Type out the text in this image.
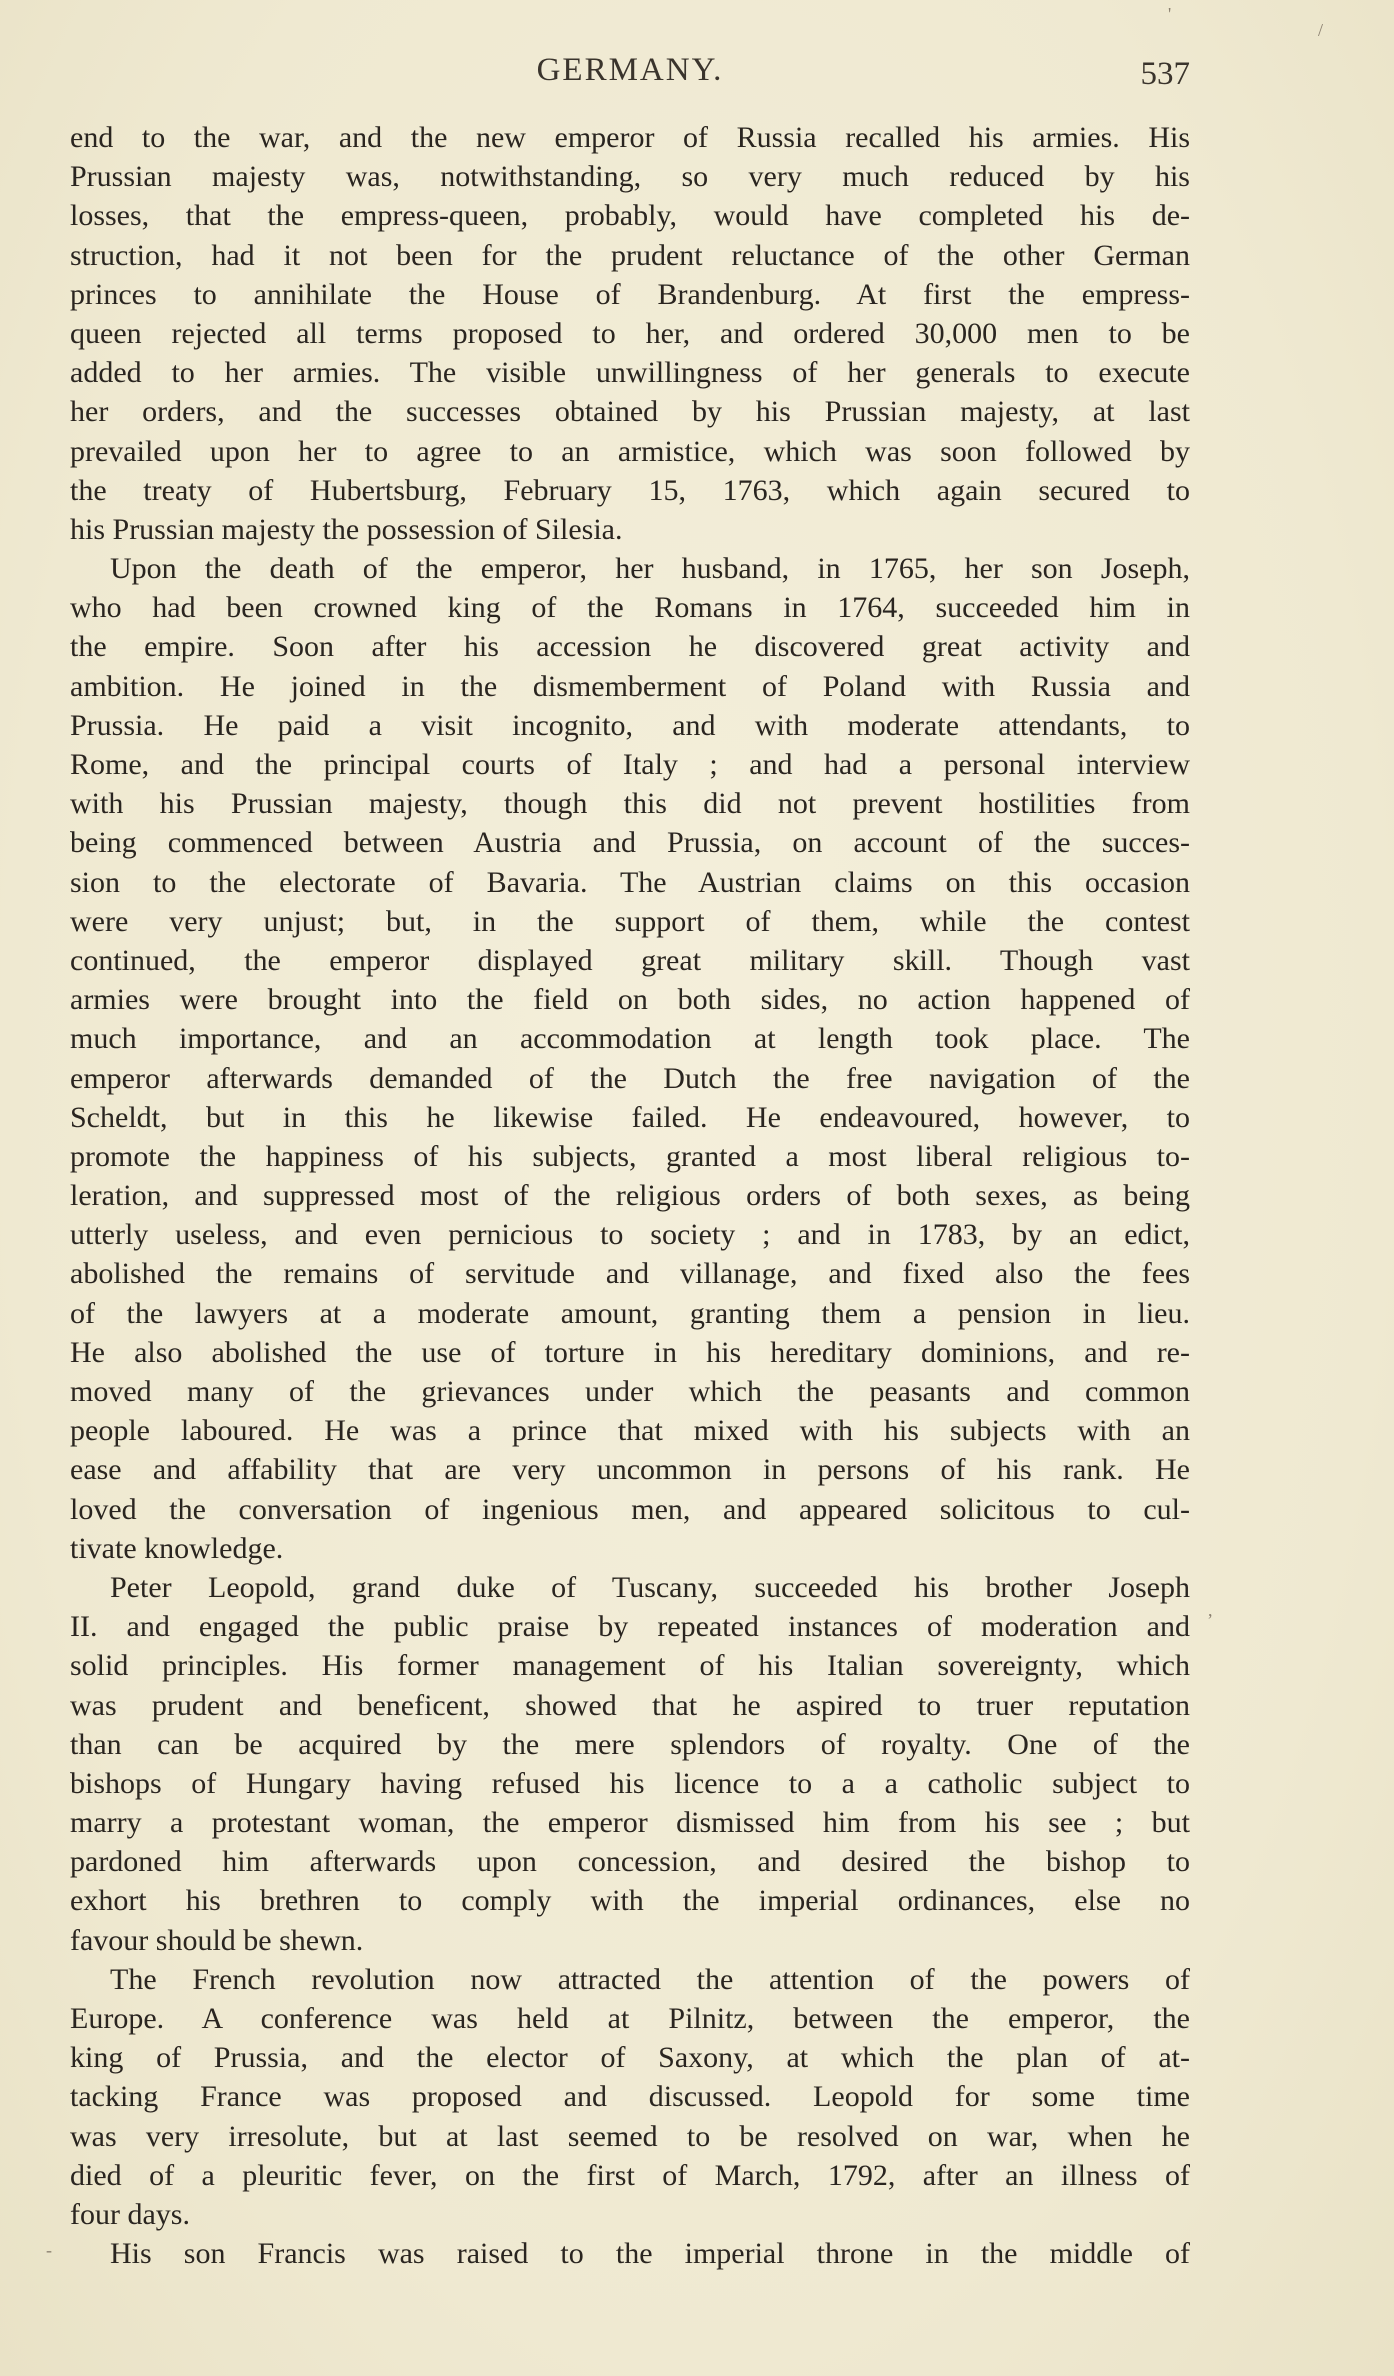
GERMANY.	537
end to the war, and the new emperor of Russia recalled his armies. His
Prussian majesty was, notwithstanding, so very much reduced by his
losses, that the empress-queen, probably, would have completed his de-
struction, had it not been for the prudent reluctance of the other German
princes to annihilate the House of Brandenburg. At first the empress-
queen rejected all terms proposed to her, and ordered 30,000 men to be
added to her armies. The visible unwillingness of her generals to execute
her orders, and the successes obtained by his Prussian majesty, at last
prevailed upon her to agree to an armistice, which was soon followed by
the treaty of Hubertsburg, February 15, 1763, which again secured to
his Prussian majesty the possession of Silesia.
Upon the death of the emperor, her husband, in 1765, her son Joseph,
who had been crowned king of the Romans in 1764, succeeded him in
the empire. Soon after his accession he discovered great activity and
ambition. He joined in the dismemberment of Poland with Russia and
Prussia. He paid a visit incognito, and with moderate attendants, to
Rome, and the principal courts of Italy ; and had a personal interview
with his Prussian majesty, though this did not prevent hostilities from
being commenced between Austria and Prussia, on account of the succes-
sion to the electorate of Bavaria. The Austrian claims on this occasion
were very unjust; but, in the support of them, while the contest
continued, the emperor displayed great military skill. Though vast
armies were brought into the field on both sides, no action happened of
much importance, and an accommodation at length took place. The
emperor afterwards demanded of the Dutch the free navigation of the
Scheldt, but in this he likewise failed. He endeavoured, however, to
promote the happiness of his subjects, granted a most liberal religious to-
leration, and suppressed most of the religious orders of both sexes, as being
utterly useless, and even pernicious to society ; and in 1783, by an edict,
abolished the remains of servitude and villanage, and fixed also the fees
of the lawyers at a moderate amount, granting them a pension in lieu.
He also abolished the use of torture in his hereditary dominions, and re-
moved many of the grievances under which the peasants and common
people laboured. He was a prince that mixed with his subjects with an
ease and affability that are very uncommon in persons of his rank. He
loved the conversation of ingenious men, and appeared solicitous to cul-
tivate knowledge.
Peter Leopold, grand duke of Tuscany, succeeded his brother Joseph
II. and engaged the public praise by repeated instances of moderation and
solid principles. His former management of his Italian sovereignty, which
was prudent and beneficent, showed that he aspired to truer reputation
than can be acquired by the mere splendors of royalty. One of the
bishops of Hungary having refused his licence to a a catholic subject to
marry a protestant woman, the emperor dismissed him from his see ; but
pardoned him afterwards upon concession, and desired the bishop to
exhort his brethren to comply with the imperial ordinances, else no
favour should be shewn.
The French revolution now attracted the attention of the powers of
Europe. A conference was held at Pilnitz, between the emperor, the
king of Prussia, and the elector of Saxony, at which the plan of at-
tacking France was proposed and discussed. Leopold for some time
was very irresolute, but at last seemed to be resolved on war, when he
died of a pleuritic fever, on the first of March, 1792, after an illness of
four days.
His son Francis was raised to the imperial throne in the middle of
'
/
,
-
